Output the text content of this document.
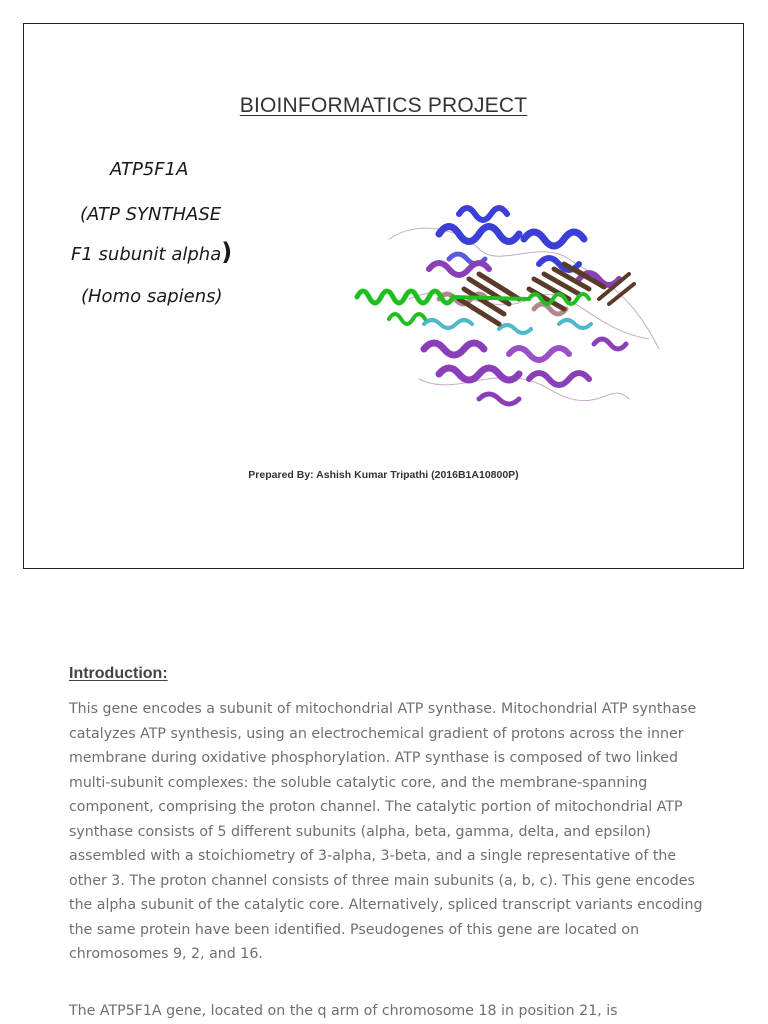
BIOINFORMATICS PROJECT
ATP5F1A
(ATP SYNTHASE
F1 subunit alpha)
(Homo sapiens)
Prepared By: Ashish Kumar Tripathi (2016B1A10800P)
Introduction:

This gene encodes a subunit of mitochondrial ATP synthase. Mitochondrial ATP synthase catalyzes ATP synthesis, using an electrochemical gradient of protons across the inner membrane during oxidative phosphorylation. ATP synthase is composed of two linked multi-subunit complexes: the soluble catalytic core, and the membrane-spanning component, comprising the proton channel. The catalytic portion of mitochondrial ATP synthase consists of 5 different subunits (alpha, beta, gamma, delta, and epsilon) assembled with a stoichiometry of 3-alpha, 3-beta, and a single representative of the other 3. The proton channel consists of three main subunits (a, b, c). This gene encodes the alpha subunit of the catalytic core. Alternatively, spliced transcript variants encoding the same protein have been identified. Pseudogenes of this gene are located on chromosomes 9, 2, and 16.

The ATP5F1A gene, located on the q arm of chromosome 18 in position 21, is
